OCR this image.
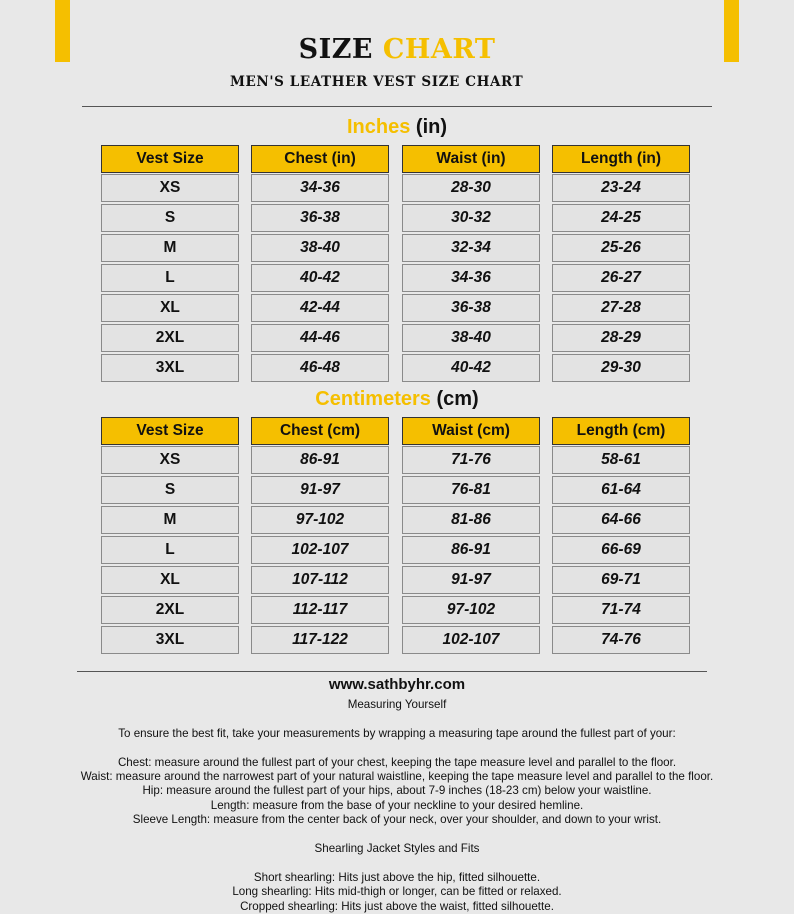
SIZE CHART
MEN'S LEATHER VEST SIZE CHART
Inches (in)
Vest Size	Chest (in)	Waist (in)	Length (in)
XS	34-36	28-30	23-24
S	36-38	30-32	24-25
M	38-40	32-34	25-26
L	40-42	34-36	26-27
XL	42-44	36-38	27-28
2XL	44-46	38-40	28-29
3XL	46-48	40-42	29-30
Centimeters (cm)
Vest Size	Chest (cm)	Waist (cm)	Length (cm)
XS	86-91	71-76	58-61
S	91-97	76-81	61-64
M	97-102	81-86	64-66
L	102-107	86-91	66-69
XL	107-112	91-97	69-71
2XL	112-117	97-102	71-74
3XL	117-122	102-107	74-76
www.sathbyhr.com
Measuring Yourself
To ensure the best fit, take your measurements by wrapping a measuring tape around the fullest part of your:
Chest: measure around the fullest part of your chest, keeping the tape measure level and parallel to the floor.
Waist: measure around the narrowest part of your natural waistline, keeping the tape measure level and parallel to the floor.
Hip: measure around the fullest part of your hips, about 7-9 inches (18-23 cm) below your waistline.
Length: measure from the base of your neckline to your desired hemline.
Sleeve Length: measure from the center back of your neck, over your shoulder, and down to your wrist.
Shearling Jacket Styles and Fits
Short shearling: Hits just above the hip, fitted silhouette.
Long shearling: Hits mid-thigh or longer, can be fitted or relaxed.
Cropped shearling: Hits just above the waist, fitted silhouette.
